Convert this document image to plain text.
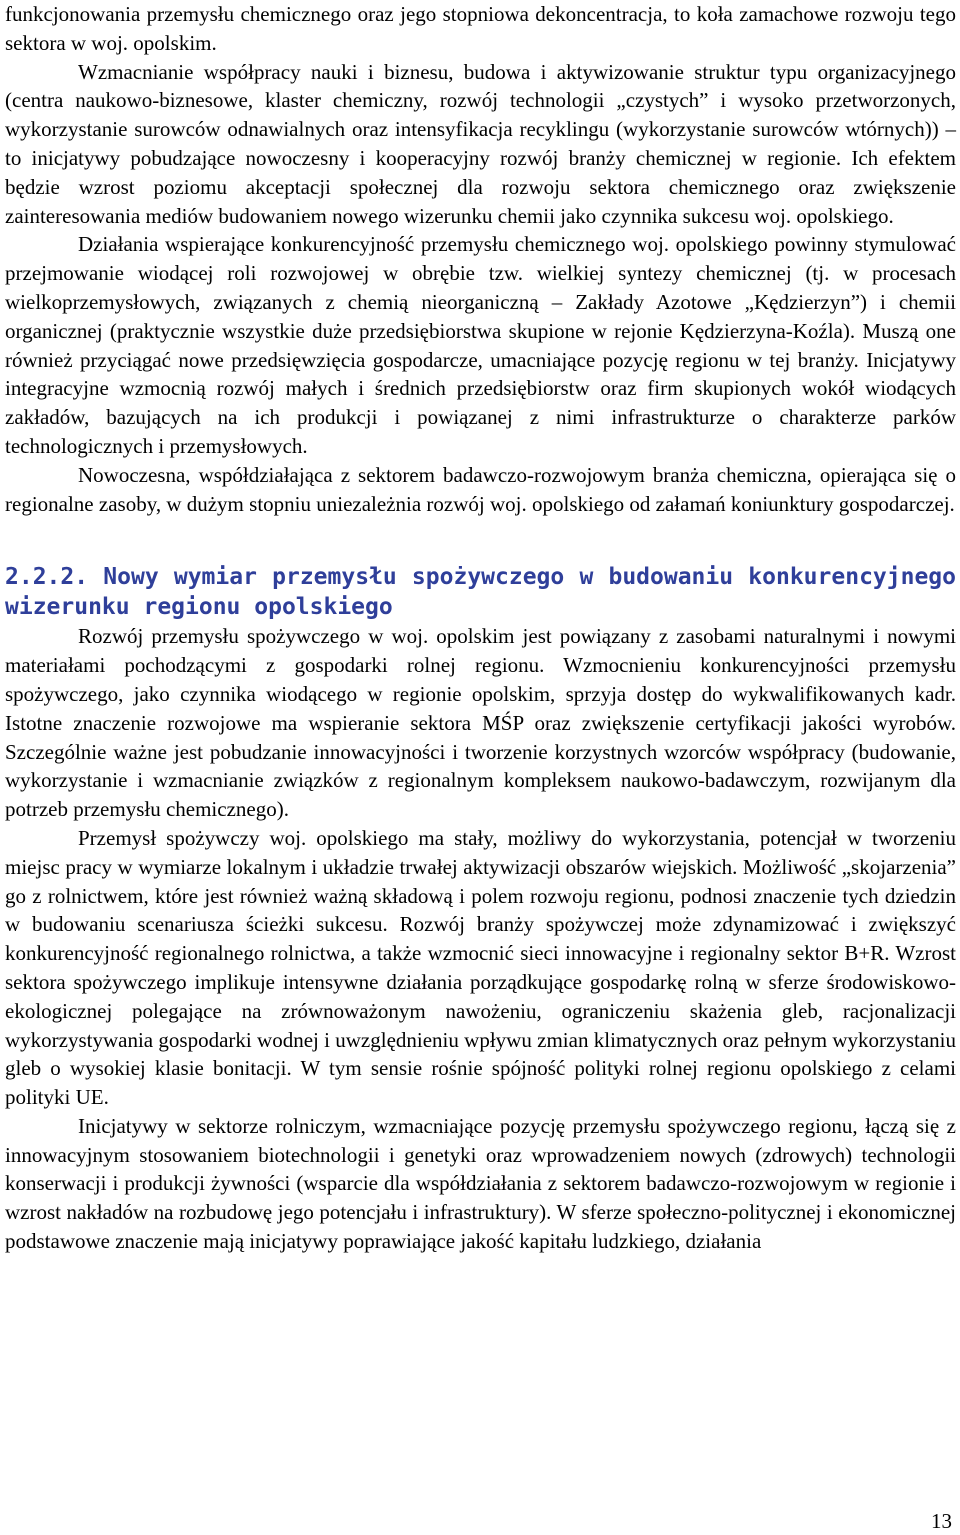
funkcjonowania przemysłu chemicznego oraz jego stopniowa dekoncentracja, to koła zamachowe rozwoju tego sektora w woj. opolskim.

Wzmacnianie współpracy nauki i biznesu, budowa i aktywizowanie struktur typu organizacyjnego (centra naukowo-biznesowe, klaster chemiczny, rozwój technologii „czystych” i wysoko przetworzonych, wykorzystanie surowców odnawialnych oraz intensyfikacja recyklingu (wykorzystanie surowców wtórnych)) – to inicjatywy pobudzające nowoczesny i kooperacyjny rozwój branży chemicznej w regionie. Ich efektem będzie wzrost poziomu akceptacji społecznej dla rozwoju sektora chemicznego oraz zwiększenie zainteresowania mediów budowaniem nowego wizerunku chemii jako czynnika sukcesu woj. opolskiego.

Działania wspierające konkurencyjność przemysłu chemicznego woj. opolskiego powinny stymulować przejmowanie wiodącej roli rozwojowej w obrębie tzw. wielkiej syntezy chemicznej (tj. w procesach wielkoprzemysłowych, związanych z chemią nieorganiczną – Zakłady Azotowe „Kędzierzyn”) i chemii organicznej (praktycznie wszystkie duże przedsiębiorstwa skupione w rejonie Kędzierzyna-Koźla). Muszą one również przyciągać nowe przedsięwzięcia gospodarcze, umacniające pozycję regionu w tej branży. Inicjatywy integracyjne wzmocnią rozwój małych i średnich przedsiębiorstw oraz firm skupionych wokół wiodących zakładów, bazujących na ich produkcji i powiązanej z nimi infrastrukturze o charakterze parków technologicznych i przemysłowych.

Nowoczesna, współdziałająca z sektorem badawczo-rozwojowym branża chemiczna, opierająca się o regionalne zasoby, w dużym stopniu uniezależnia rozwój woj. opolskiego od załamań koniunktury gospodarczej.

2.2.2. Nowy wymiar przemysłu spożywczego w budowaniu konkurencyjnego wizerunku regionu opolskiego

Rozwój przemysłu spożywczego w woj. opolskim jest powiązany z zasobami naturalnymi i nowymi materiałami pochodzącymi z gospodarki rolnej regionu. Wzmocnieniu konkurencyjności przemysłu spożywczego, jako czynnika wiodącego w regionie opolskim, sprzyja dostęp do wykwalifikowanych kadr. Istotne znaczenie rozwojowe ma wspieranie sektora MŚP oraz zwiększenie certyfikacji jakości wyrobów. Szczególnie ważne jest pobudzanie innowacyjności i tworzenie korzystnych wzorców współpracy (budowanie, wykorzystanie i wzmacnianie związków z regionalnym kompleksem naukowo-badawczym, rozwijanym dla potrzeb przemysłu chemicznego).

Przemysł spożywczy woj. opolskiego ma stały, możliwy do wykorzystania, potencjał w tworzeniu miejsc pracy w wymiarze lokalnym i układzie trwałej aktywizacji obszarów wiejskich. Możliwość „skojarzenia” go z rolnictwem, które jest również ważną składową i polem rozwoju regionu, podnosi znaczenie tych dziedzin w budowaniu scenariusza ścieżki sukcesu. Rozwój branży spożywczej może zdynamizować i zwiększyć konkurencyjność regionalnego rolnictwa, a także wzmocnić sieci innowacyjne i regionalny sektor B+R. Wzrost sektora spożywczego implikuje intensywne działania porządkujące gospodarkę rolną w sferze środowiskowo-ekologicznej polegające na zrównoważonym nawożeniu, ograniczeniu skażenia gleb, racjonalizacji wykorzystywania gospodarki wodnej i uwzględnieniu wpływu zmian klimatycznych oraz pełnym wykorzystaniu gleb o wysokiej klasie bonitacji. W tym sensie rośnie spójność polityki rolnej regionu opolskiego z celami polityki UE.

Inicjatywy w sektorze rolniczym, wzmacniające pozycję przemysłu spożywczego regionu, łączą się z innowacyjnym stosowaniem biotechnologii i genetyki oraz wprowadzeniem nowych (zdrowych) technologii konserwacji i produkcji żywności (wsparcie dla współdziałania z sektorem badawczo-rozwojowym w regionie i wzrost nakładów na rozbudowę jego potencjału i infrastruktury). W sferze społeczno-politycznej i ekonomicznej podstawowe znaczenie mają inicjatywy poprawiające jakość kapitału ludzkiego, działania

13
